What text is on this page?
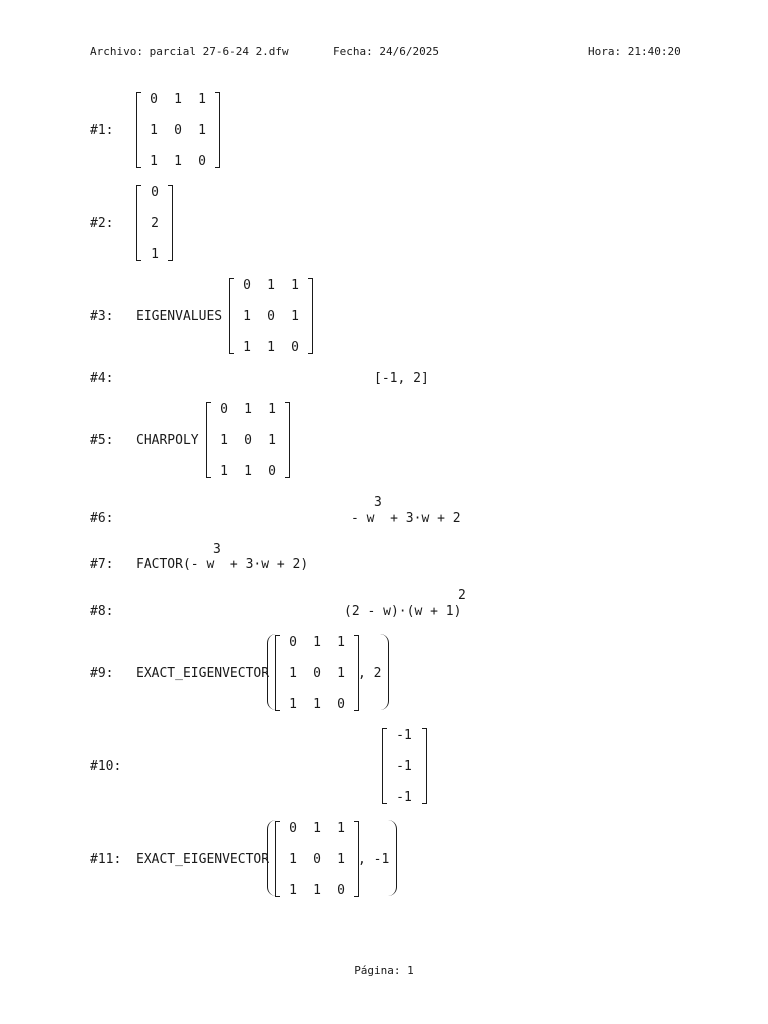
Archivo: parcial 27-6-24 2.dfw	Fecha: 24/6/2025	Hora: 21:40:20
#1:
0	1	1
1	0	1
1	1	0
#2:
0
2
1
#3: EIGENVALUES
0	1	1
1	0	1
1	1	0
#4:	[-1, 2]
#5: CHARPOLY
0	1	1
1	0	1
1	1	0
#6:
3
- w  + 3·w + 2
#7:
3
FACTOR(- w  + 3·w + 2)
#8:
2
(2 - w)·(w + 1)
#9: EXACT_EIGENVECTOR
0	1	1
1	0	1
1	1	0
, 2
#10:
-1
-1
-1
#11: EXACT_EIGENVECTOR
0	1	1
1	0	1
1	1	0
, -1
Página: 1
